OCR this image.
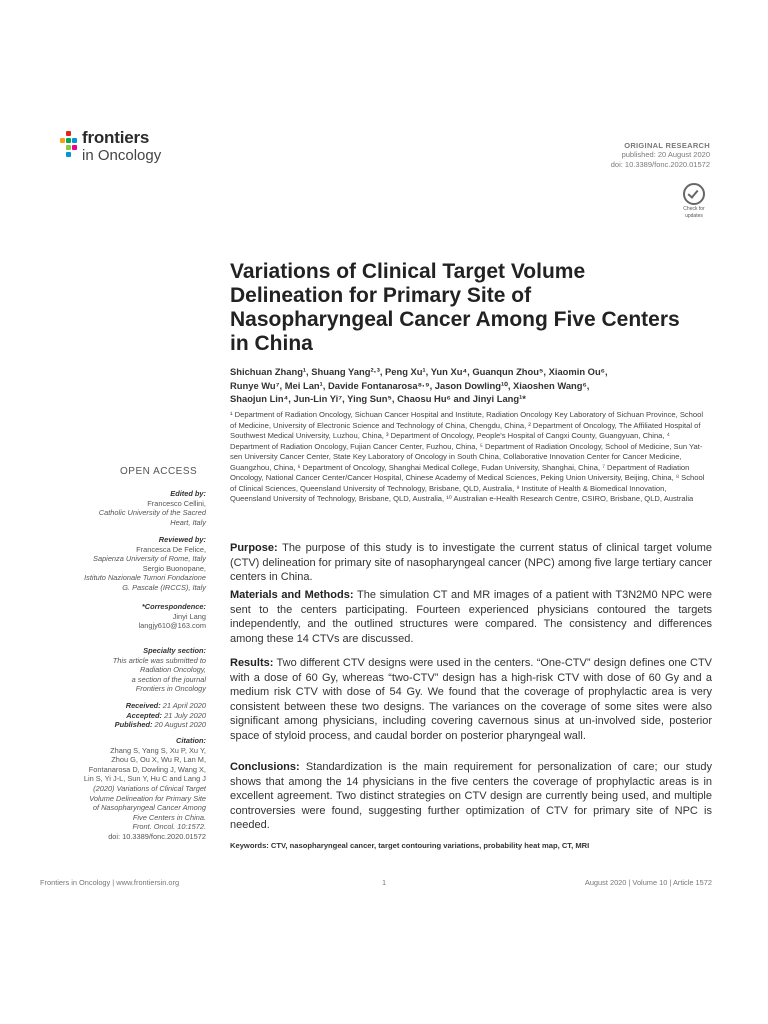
frontiers
in Oncology
ORIGINAL RESEARCH
published: 20 August 2020
doi: 10.3389/fonc.2020.01572
Check for
updates
Variations of Clinical Target Volume Delineation for Primary Site of Nasopharyngeal Cancer Among Five Centers in China
Shichuan Zhang¹, Shuang Yang²·³, Peng Xu¹, Yun Xu⁴, Guanqun Zhou⁵, Xiaomin Ou⁶,
Runye Wu⁷, Mei Lan¹, Davide Fontanarosa⁸·⁹, Jason Dowling¹⁰, Xiaoshen Wang⁶,
Shaojun Lin⁴, Jun-Lin Yi⁷, Ying Sun⁵, Chaosu Hu⁶ and Jinyi Lang¹*
¹ Department of Radiation Oncology, Sichuan Cancer Hospital and Institute, Radiation Oncology Key Laboratory of Sichuan Province, School of Medicine, University of Electronic Science and Technology of China, Chengdu, China, ² Department of Oncology, The Affiliated Hospital of Southwest Medical University, Luzhou, China, ³ Department of Oncology, People's Hospital of Cangxi County, Guangyuan, China, ⁴ Department of Radiation Oncology, Fujian Cancer Center, Fuzhou, China, ⁵ Department of Radiation Oncology, School of Medicine, Sun Yat-sen University Cancer Center, State Key Laboratory of Oncology in South China, Collaborative Innovation Center for Cancer Medicine, Guangzhou, China, ⁶ Department of Oncology, Shanghai Medical College, Fudan University, Shanghai, China, ⁷ Department of Radiation Oncology, National Cancer Center/Cancer Hospital, Chinese Academy of Medical Sciences, Peking Union University, Beijing, China, ⁸ School of Clinical Sciences, Queensland University of Technology, Brisbane, QLD, Australia, ⁹ Institute of Health & Biomedical Innovation, Queensland University of Technology, Brisbane, QLD, Australia, ¹⁰ Australian e-Health Research Centre, CSIRO, Brisbane, QLD, Australia
OPEN ACCESS
Edited by:
Francesco Cellini,
Catholic University of the Sacred
Heart, Italy
Reviewed by:
Francesca De Felice,
Sapienza University of Rome, Italy
Sergio Buonopane,
Istituto Nazionale Tumori Fondazione
G. Pascale (IRCCS), Italy
*Correspondence:
Jinyi Lang
langjy610@163.com
Specialty section:
This article was submitted to
Radiation Oncology,
a section of the journal
Frontiers in Oncology
Received: 21 April 2020
Accepted: 21 July 2020
Published: 20 August 2020
Citation:
Zhang S, Yang S, Xu P, Xu Y,
Zhou G, Ou X, Wu R, Lan M,
Fontanarosa D, Dowling J, Wang X,
Lin S, Yi J-L, Sun Y, Hu C and Lang J
(2020) Variations of Clinical Target
Volume Delineation for Primary Site
of Nasopharyngeal Cancer Among
Five Centers in China.
Front. Oncol. 10:1572.
doi: 10.3389/fonc.2020.01572
Purpose: The purpose of this study is to investigate the current status of clinical target volume (CTV) delineation for primary site of nasopharyngeal cancer (NPC) among five large tertiary cancer centers in China.
Materials and Methods: The simulation CT and MR images of a patient with T3N2M0 NPC were sent to the centers participating. Fourteen experienced physicians contoured the targets independently, and the outlined structures were compared. The consistency and differences among these 14 CTVs are discussed.
Results: Two different CTV designs were used in the centers. “One-CTV” design defines one CTV with a dose of 60 Gy, whereas “two-CTV” design has a high-risk CTV with dose of 60 Gy and a medium risk CTV with dose of 54 Gy. We found that the coverage of prophylactic area is very consistent between these two designs. The variances on the coverage of some sites were also significant among physicians, including covering cavernous sinus at un-involved side, posterior space of styloid process, and caudal border on posterior pharyngeal wall.
Conclusions: Standardization is the main requirement for personalization of care; our study shows that among the 14 physicians in the five centers the coverage of prophylactic areas is in excellent agreement. Two distinct strategies on CTV design are currently being used, and multiple controversies were found, suggesting further optimization of CTV for primary site of NPC is needed.
Keywords: CTV, nasopharyngeal cancer, target contouring variations, probability heat map, CT, MRI
Frontiers in Oncology | www.frontiersin.org	1	August 2020 | Volume 10 | Article 1572
